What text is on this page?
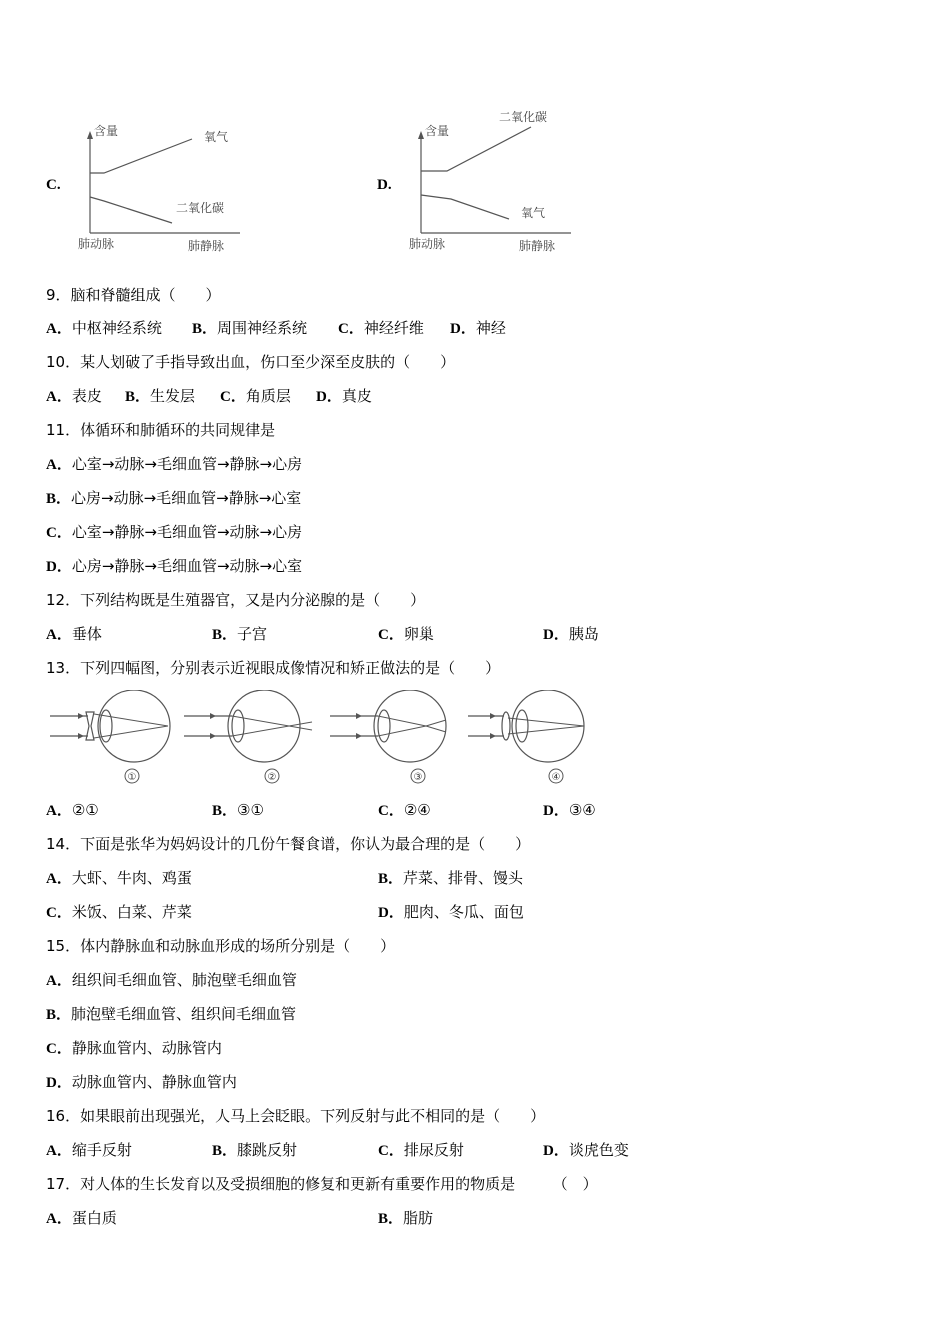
C.
含量	氧气
二氧化碳
肺动脉	肺静脉
D.
含量
二氧化碳
氧气
肺动脉	肺静脉
9．脑和脊髓组成（　　）
A．中枢神经系统 B．周围神经系统 C．神经纤维 D．神经
10．某人划破了手指导致出血，伤口至少深至皮肤的（　　）
A．表皮 B．生发层 C．角质层 D．真皮
11．体循环和肺循环的共同规律是
A．心室→动脉→毛细血管→静脉→心房
B．心房→动脉→毛细血管→静脉→心室
C．心室→静脉→毛细血管→动脉→心房
D．心房→静脉→毛细血管→动脉→心室
12．下列结构既是生殖器官，又是内分泌腺的是（　　）
A．垂体	B．子宫	C．卵巢	D．胰岛
13．下列四幅图，分别表示近视眼成像情况和矫正做法的是（　　）
①	②	③	④
A．②①	B．③①	C．②④	D．③④
14．下面是张华为妈妈设计的几份午餐食谱，你认为最合理的是（　　）
A．大虾、牛肉、鸡蛋	B．芹菜、排骨、馒头
C．米饭、白菜、芹菜	D．肥肉、冬瓜、面包
15．体内静脉血和动脉血形成的场所分别是（　　）
A．组织间毛细血管、肺泡壁毛细血管
B．肺泡壁毛细血管、组织间毛细血管
C．静脉血管内、动脉管内
D．动脉血管内、静脉血管内
16．如果眼前出现强光，人马上会眨眼。下列反射与此不相同的是（　　）
A．缩手反射	B．膝跳反射	C．排尿反射	D．谈虎色变
17．对人体的生长发育以及受损细胞的修复和更新有重要作用的物质是　　　（　）
A．蛋白质	B．脂肪
